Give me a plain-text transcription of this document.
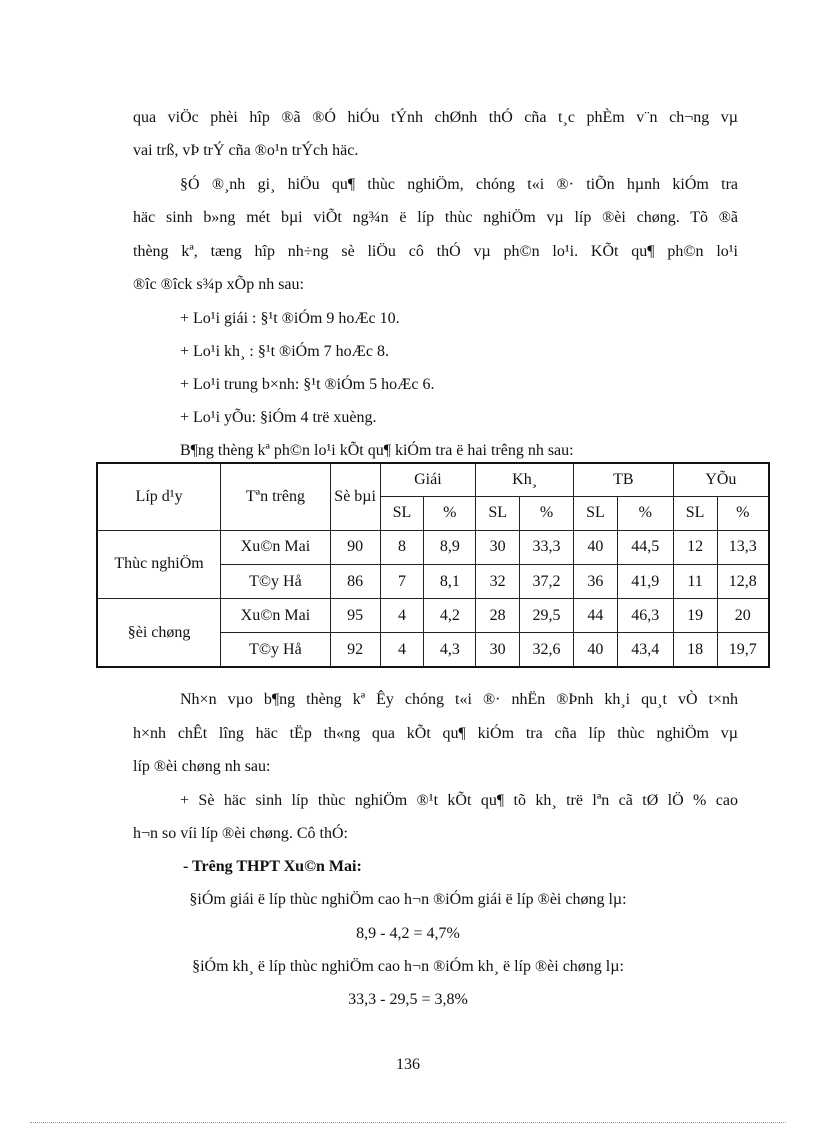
qua viÖc phèi hîp ®ã ®Ó hiÓu tÝnh chØnh thÓ cña t¸c phÈm v¨n ch¬ng vµ
vai trß, vÞ trÝ cña ®o¹n trÝch häc.
§Ó ®¸nh gi¸ hiÖu qu¶ thùc nghiÖm, chóng t«i ®· tiÕn hµnh kiÓm tra
häc sinh b»ng mét bµi viÕt ng¾n ë líp thùc nghiÖm vµ líp ®èi chøng. Tõ ®ã
thèng kª, tæng hîp nh÷ng sè liÖu cô thÓ vµ ph©n lo¹i. KÕt qu¶ ph©n lo¹i
®îc ®îck s¾p xÕp nh sau:
+ Lo¹i giái : §¹t ®iÓm 9 hoÆc 10.
+ Lo¹i kh¸ : §¹t ®iÓm 7 hoÆc 8.
+ Lo¹i trung b×nh: §¹t ®iÓm 5 hoÆc 6.
+ Lo¹i yÕu: §iÓm 4 trë xuèng.
B¶ng thèng kª ph©n lo¹i kÕt qu¶ kiÓm tra ë hai trêng nh sau:
Líp d¹y	Tªn trêng	Sè bµi	Giái		Kh¸		TB		YÕu	
			SL	%	SL	%	SL	%	SL	%
Thùc nghiÖm	Xu©n Mai	90	8	8,9	30	33,3	40	44,5	12	13,3
	T©y Hå	86	7	8,1	32	37,2	36	41,9	11	12,8
§èi chøng	Xu©n Mai	95	4	4,2	28	29,5	44	46,3	19	20
	T©y Hå	92	4	4,3	30	32,6	40	43,4	18	19,7
Nh×n vµo b¶ng thèng kª Êy chóng t«i ®· nhËn ®Þnh kh¸i qu¸t vÒ t×nh
h×nh chÊt lîng häc tËp th«ng qua kÕt qu¶ kiÓm tra cña líp thùc nghiÖm vµ
líp ®èi chøng nh sau:
+ Sè häc sinh líp thùc nghiÖm ®¹t kÕt qu¶ tõ kh¸ trë lªn cã tØ lÖ % cao
h¬n so víi líp ®èi chøng. Cô thÓ:
- Trêng THPT Xu©n Mai:
§iÓm giái ë líp thùc nghiÖm cao h¬n ®iÓm giái ë líp ®èi chøng lµ:
8,9 - 4,2 = 4,7%
§iÓm kh¸ ë líp thùc nghiÖm cao h¬n ®iÓm kh¸ ë líp ®èi chøng lµ:
33,3 - 29,5 = 3,8%
136
